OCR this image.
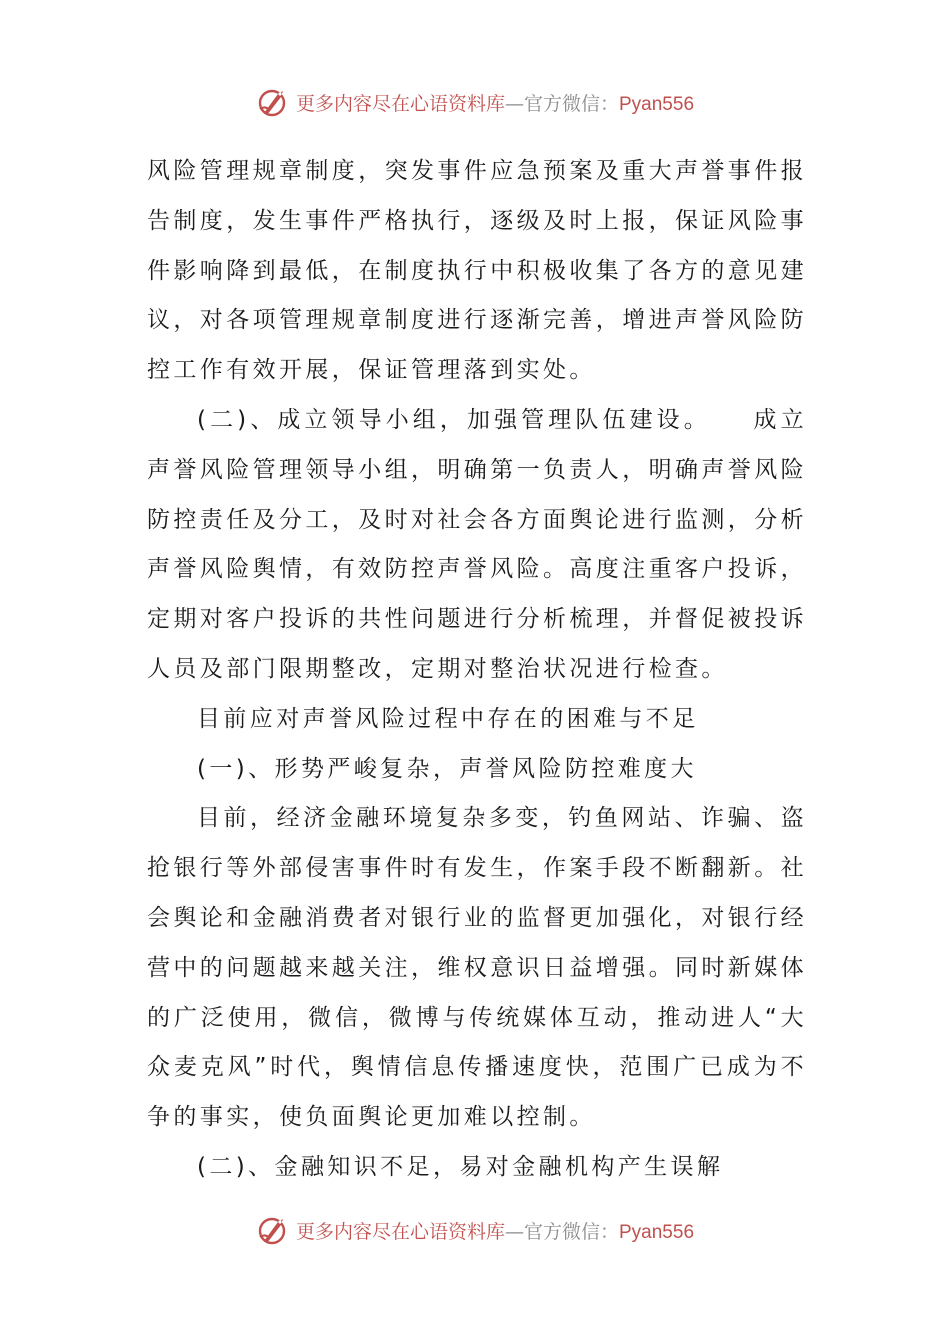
更多内容尽在心语资料库—官方微信：Pyan556

风险管理规章制度，突发事件应急预案及重大声誉事件报告制度，发生事件严格执行，逐级及时上报，保证风险事件影响降到最低，在制度执行中积极收集了各方的意见建议，对各项管理规章制度进行逐渐完善，增进声誉风险防控工作有效开展，保证管理落到实处。

(二)、成立领导小组，加强管理队伍建设。　　成立声誉风险管理领导小组，明确第一负责人，明确声誉风险防控责任及分工，及时对社会各方面舆论进行监测，分析声誉风险舆情，有效防控声誉风险。高度注重客户投诉，定期对客户投诉的共性问题进行分析梳理，并督促被投诉人员及部门限期整改，定期对整治状况进行检查。

目前应对声誉风险过程中存在的困难与不足

(一)、形势严峻复杂，声誉风险防控难度大

目前，经济金融环境复杂多变，钓鱼网站、诈骗、盗抢银行等外部侵害事件时有发生，作案手段不断翻新。社会舆论和金融消费者对银行业的监督更加强化，对银行经营中的问题越来越关注，维权意识日益增强。同时新媒体的广泛使用，微信，微博与传统媒体互动，推动进人“大众麦克风”时代，舆情信息传播速度快，范围广已成为不争的事实，使负面舆论更加难以控制。

(二)、金融知识不足，易对金融机构产生误解

更多内容尽在心语资料库—官方微信：Pyan556
